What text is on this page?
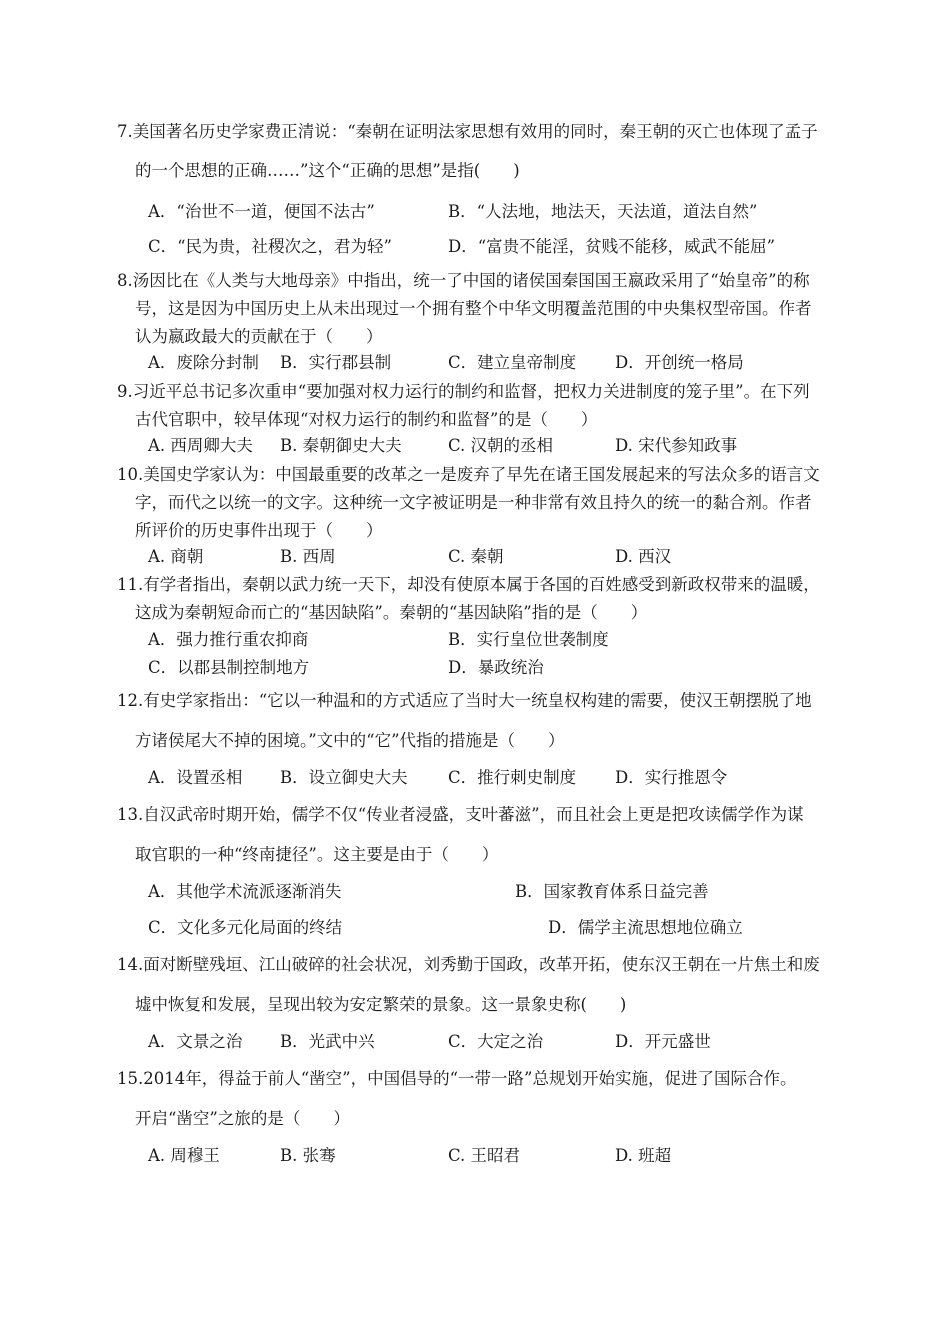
7.美国著名历史学家费正清说：“秦朝在证明法家思想有效用的同时，秦王朝的灭亡也体现了孟子
的一个思想的正确……”这个“正确的思想”是指(　　)
A．“治世不一道，便国不法古”	B．“人法地，地法天，天法道，道法自然”
C．“民为贵，社稷次之，君为轻”	D．“富贵不能淫，贫贱不能移，威武不能屈”
8.汤因比在《人类与大地母亲》中指出，统一了中国的诸侯国秦国国王嬴政采用了“始皇帝”的称
号，这是因为中国历史上从未出现过一个拥有整个中华文明覆盖范围的中央集权型帝国。作者
认为嬴政最大的贡献在于（　　）
A．废除分封制 B．实行郡县制	C．建立皇帝制度 D．开创统一格局
9.习近平总书记多次重申“要加强对权力运行的制约和监督，把权力关进制度的笼子里”。在下列
古代官职中，较早体现“对权力运行的制约和监督”的是（　　）
A. 西周卿大夫 B. 秦朝御史大夫	C. 汉朝的丞相	D. 宋代参知政事
10.美国史学家认为：中国最重要的改革之一是废弃了早先在诸王国发展起来的写法众多的语言文
字，而代之以统一的文字。这种统一文字被证明是一种非常有效且持久的统一的黏合剂。作者
所评价的历史事件出现于（　　）
A. 商朝	B. 西周	C. 秦朝	D. 西汉
11.有学者指出，秦朝以武力统一天下，却没有使原本属于各国的百姓感受到新政权带来的温暖，
这成为秦朝短命而亡的“基因缺陷”。秦朝的“基因缺陷”指的是（　　）
A．强力推行重农抑商	B．实行皇位世袭制度
C．以郡县制控制地方	D．暴政统治
12.有史学家指出：“它以一种温和的方式适应了当时大一统皇权构建的需要，使汉王朝摆脱了地
方诸侯尾大不掉的困境。”文中的“它”代指的措施是（　　）
A．设置丞相 B．设立御史大夫 C．推行刺史制度 D．实行推恩令
13.自汉武帝时期开始，儒学不仅“传业者浸盛，支叶蕃滋”，而且社会上更是把攻读儒学作为谋
取官职的一种“终南捷径”。这主要是由于（　　）
A．其他学术流派逐渐消失	B．国家教育体系日益完善
C．文化多元化局面的终结	D．儒学主流思想地位确立
14.面对断壁残垣、江山破碎的社会状况，刘秀勤于国政，改革开拓，使东汉王朝在一片焦土和废
墟中恢复和发展，呈现出较为安定繁荣的景象。这一景象史称(　　)
A．文景之治 B．光武中兴	C．大定之治	D．开元盛世
15.2014年，得益于前人“凿空”，中国倡导的“一带一路”总规划开始实施，促进了国际合作。
开启“凿空”之旅的是（　　）
A. 周穆王	B. 张骞	C. 王昭君	D. 班超
